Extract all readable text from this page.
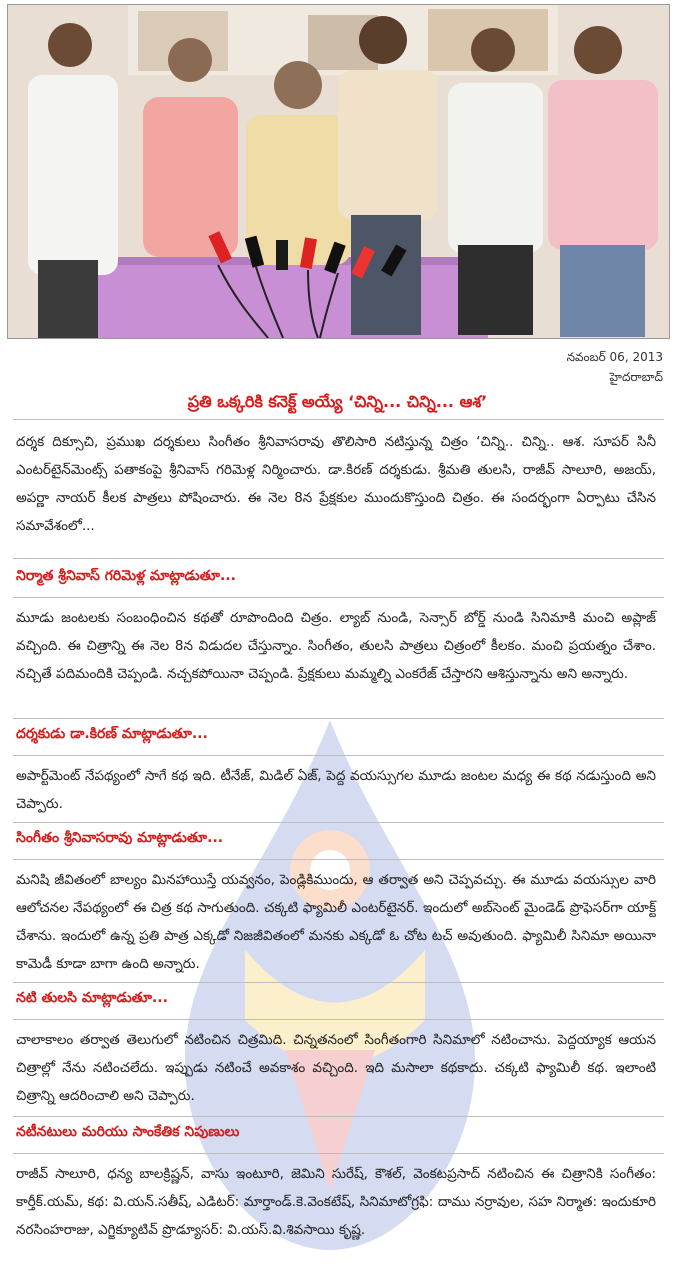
నవంబర్ 06, 2013
హైదరాబాద్
ప్రతి ఒక్కరికి కనెక్ట్ అయ్యే ‘చిన్ని... చిన్ని... ఆశ’
దర్శక దిక్సూచి, ప్రముఖ దర్శకులు సింగీతం శ్రీనివాసరావు తొలిసారి నటిస్తున్న చిత్రం ‘చిన్ని.. చిన్ని.. ఆశ. సూపర్ సినీ ఎంటర్‌టైన్‌మెంట్స్ పతాకంపై శ్రీనివాస్ గరిమెళ్ల నిర్మించారు. డా.కిరణ్ దర్శకుడు. శ్రీమతి తులసి, రాజీవ్ సాలూరి, అజయ్, అపర్ణా నాయర్ కీలక పాత్రలు పోషించారు. ఈ నెల 8న ప్రేక్షకుల ముందుకొస్తుంది చిత్రం. ఈ సందర్భంగా ఏర్పాటు చేసిన సమావేశంలో...
నిర్మాత శ్రీనివాస్ గరిమెళ్ల మాట్లాడుతూ...
మూడు జంటలకు సంబంధించిన కథతో రూపొందింది చిత్రం. ల్యాబ్ నుండి, సెన్సార్ బోర్డ్ నుండి సినిమాకి మంచి అప్లాజ్ వచ్చింది. ఈ చిత్రాన్ని ఈ నెల 8న విడుదల చేస్తున్నాం. సింగీతం, తులసి పాత్రలు చిత్రంలో కీలకం. మంచి ప్రయత్నం చేశాం. నచ్చితే పదిమందికి చెప్పండి. నచ్చకపోయినా చెప్పండి. ప్రేక్షకులు మమ్మల్ని ఎంకరేజ్ చేస్తారని ఆశిస్తున్నాను అని అన్నారు.
దర్శకుడు డా.కిరణ్ మాట్లాడుతూ...
అపార్ట్‌మెంట్ నేపథ్యంలో సాగే కథ ఇది. టీనేజ్, మిడిల్ ఏజ్, పెద్ద వయస్సుగల మూడు జంటల మధ్య ఈ కథ నడుస్తుంది అని చెప్పారు.
సింగీతం శ్రీనివాసరావు మాట్లాడుతూ...
మనిషి జీవితంలో బాల్యం మినహాయిస్తే యవ్వనం, పెండ్లికిముందు, ఆ తర్వాత అని చెప్పవచ్చు. ఈ మూడు వయస్సుల వారి ఆలోచనల నేపథ్యంలో ఈ చిత్ర కథ సాగుతుంది. చక్కటి ఫ్యామిలీ ఎంటర్‌టైనర్. ఇందులో అబ్‌సెంట్ మైండెడ్ ప్రొఫెసర్‌గా యాక్ట్ చేశాను. ఇందులో ఉన్న ప్రతి పాత్ర ఎక్కడో నిజజీవితంలో మనకు ఎక్కడో ఓ చోట టచ్ అవుతుంది. ఫ్యామిలీ సినిమా అయినా కామెడీ కూడా బాగా ఉంది అన్నారు.
నటి తులసి మాట్లాడుతూ...
చాలాకాలం తర్వాత తెలుగులో నటించిన చిత్రమిది. చిన్నతనంలో సింగీతంగారి సినిమాలో నటించాను. పెద్దయ్యాక ఆయన చిత్రాల్లో నేను నటించలేదు. ఇప్పుడు నటించే అవకాశం వచ్చింది. ఇది మసాలా కథకాదు. చక్కటి ఫ్యామిలీ కథ. ఇలాంటి చిత్రాన్ని ఆదరించాలి అని చెప్పారు.
నటీనటులు మరియు సాంకేతిక నిపుణులు
రాజీవ్ సాలూరి, ధన్య బాలక్రిష్ణన్, వాసు ఇంటూరి, జెమిని సురేష్, కౌశల్, వెంకటప్రసాద్ నటించిన ఈ చిత్రానికి సంగీతం: కార్తీక్.యమ్, కథ: వి.యన్.సతీష్, ఎడిటర్: మార్తాండ్.కె.వెంకటేష్, సినిమాటోగ్రఫి: దాము నర్రావుల, సహ నిర్మాత: ఇందుకూరి నరసింహరాజు, ఎగ్జిక్యూటివ్ ప్రొడ్యూసర్: వి.యస్.వి.శివసాయి కృష్ణ.
